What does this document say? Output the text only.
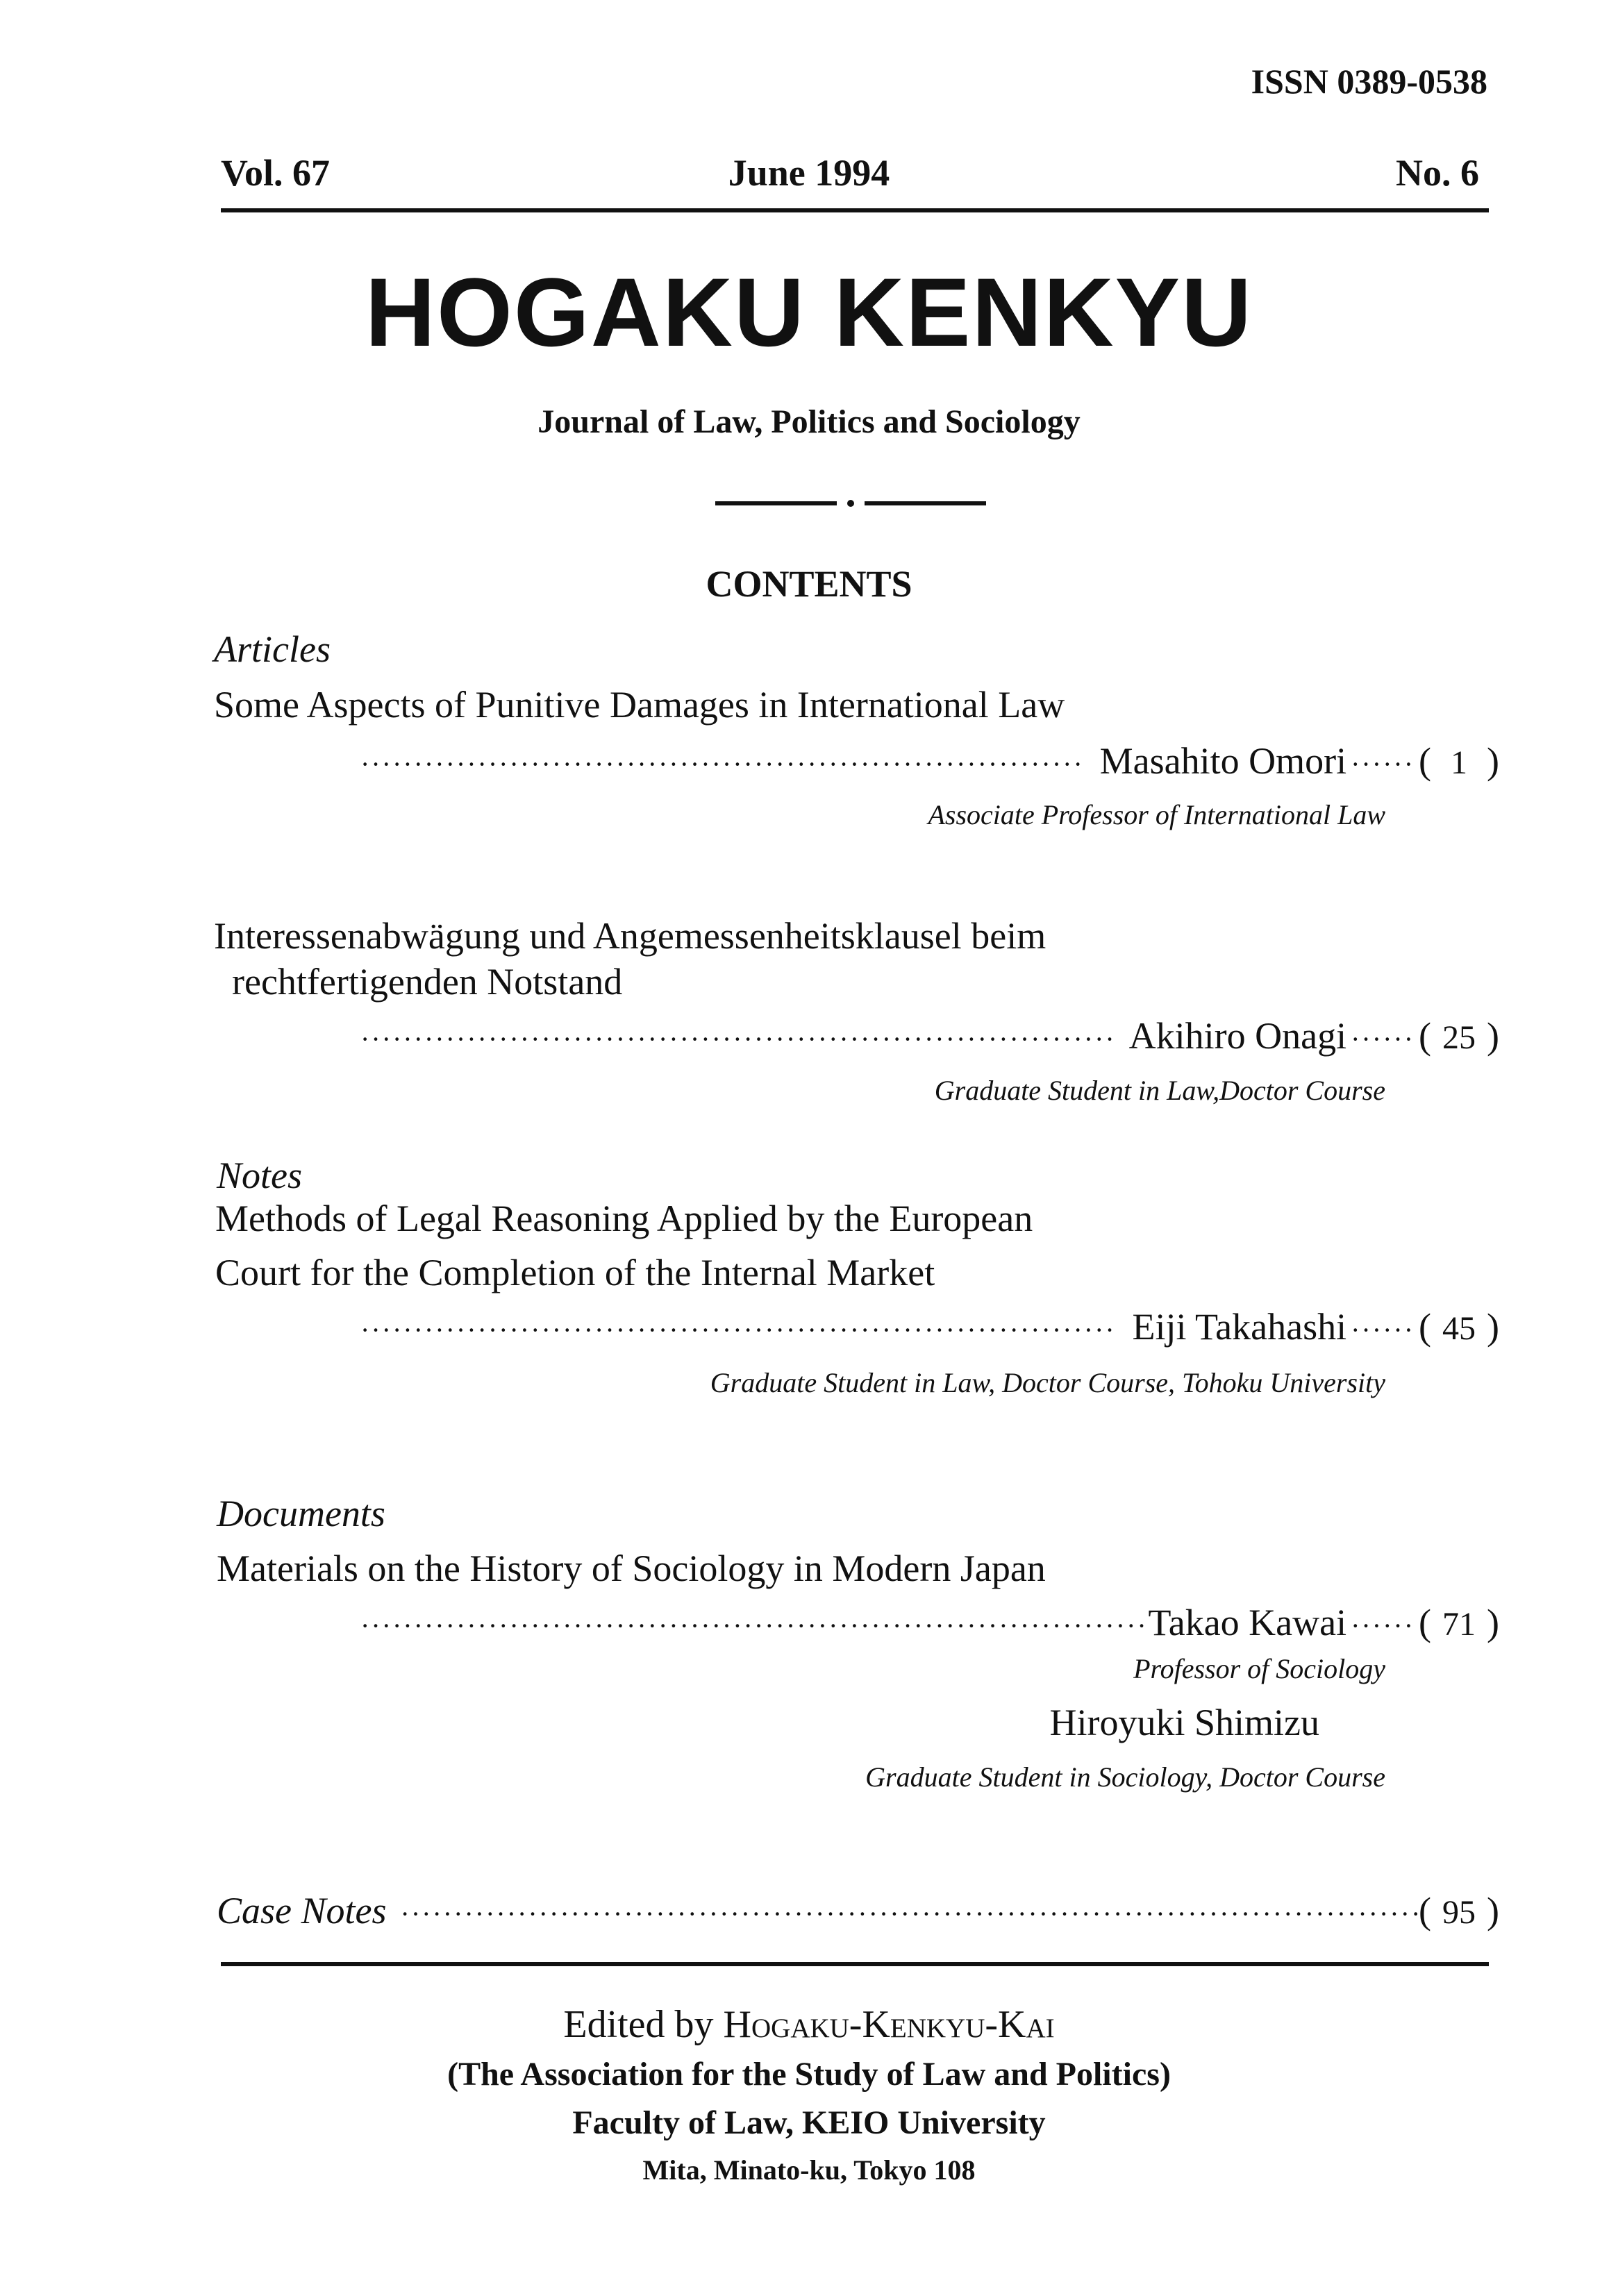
ISSN 0389-0538
Vol. 67	June 1994	No. 6
HOGAKU KENKYU
Journal of Law, Politics and Sociology
CONTENTS
Articles
Some Aspects of Punitive Damages in International Law
·····
Masahito Omori ······ ( 1 )
Associate Professor of International Law
Interessenabwägung und Angemessenheitsklausel beim
rechtfertigenden Notstand
·····
Akihiro Onagi ······ ( 25 )
Graduate Student in Law,Doctor Course
Notes
Methods of Legal Reasoning Applied by the European
Court for the Completion of the Internal Market
·····
Eiji Takahashi ······ ( 45 )
Graduate Student in Law, Doctor Course, Tohoku University
Documents
Materials on the History of Sociology in Modern Japan
·····
Takao Kawai ······ ( 71 )
Professor of Sociology
Hiroyuki Shimizu
Graduate Student in Sociology, Doctor Course
Case Notes ·····	( 95 )
Edited by Hogaku-Kenkyu-Kai
(The Association for the Study of Law and Politics)
Faculty of Law, KEIO University
Mita, Minato-ku, Tokyo 108
